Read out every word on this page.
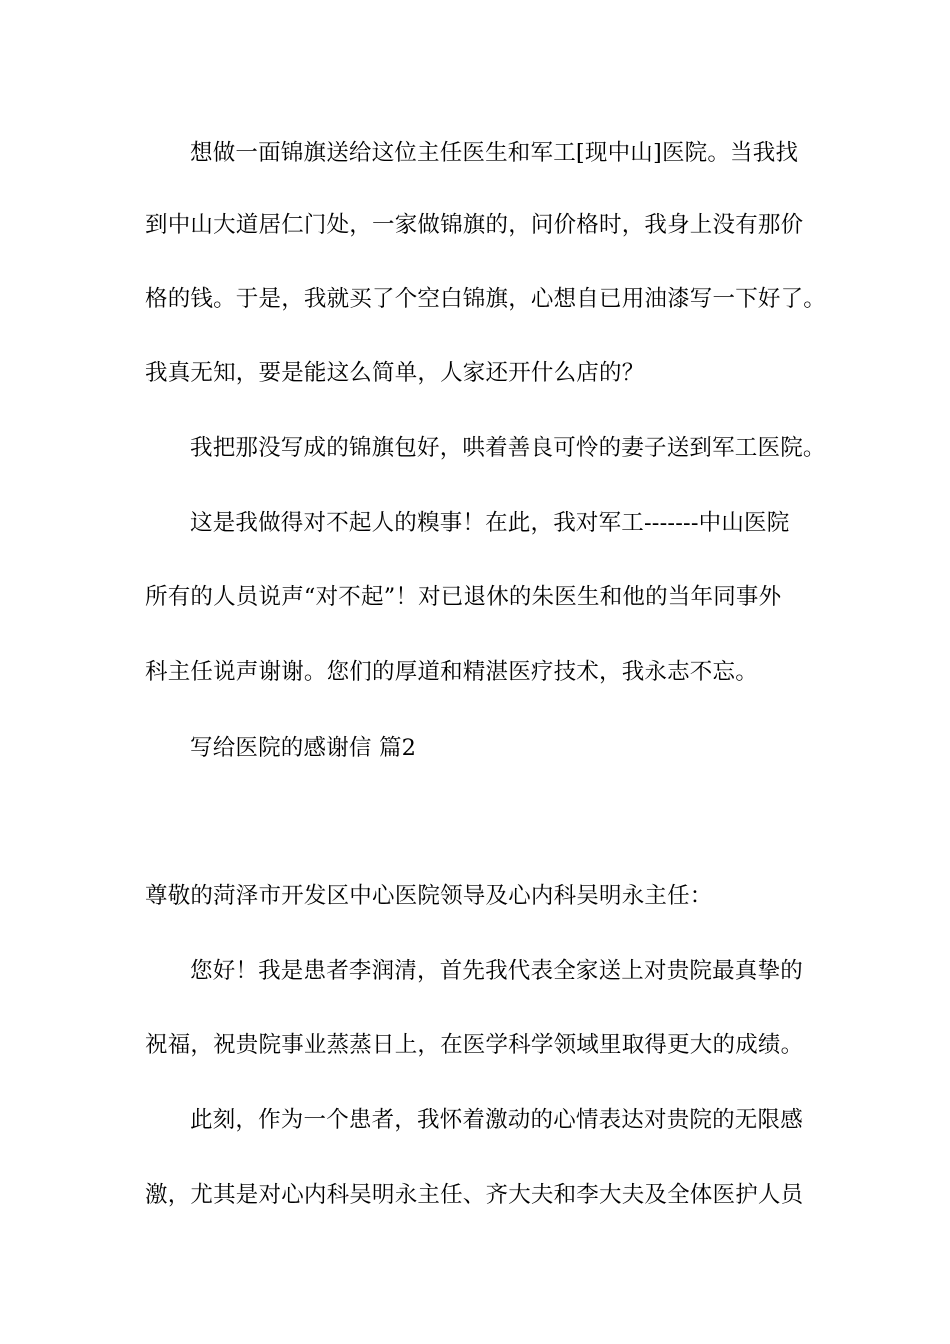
想做一面锦旗送给这位主任医生和军工[现中山]医院。当我找
到中山大道居仁门处，一家做锦旗的，问价格时，我身上没有那价
格的钱。于是，我就买了个空白锦旗，心想自已用油漆写一下好了。
我真无知，要是能这么简单，人家还开什么店的？
我把那没写成的锦旗包好，哄着善良可怜的妻子送到军工医院。
这是我做得对不起人的糗事！在此，我对军工-------中山医院
所有的人员说声“对不起”！对已退休的朱医生和他的当年同事外
科主任说声谢谢。您们的厚道和精湛医疗技术，我永志不忘。
写给医院的感谢信 篇2
尊敬的菏泽市开发区中心医院领导及心内科吴明永主任：
您好！我是患者李润清，首先我代表全家送上对贵院最真挚的
祝福，祝贵院事业蒸蒸日上，在医学科学领域里取得更大的成绩。
此刻，作为一个患者，我怀着激动的心情表达对贵院的无限感
激，尤其是对心内科吴明永主任、齐大夫和李大夫及全体医护人员
